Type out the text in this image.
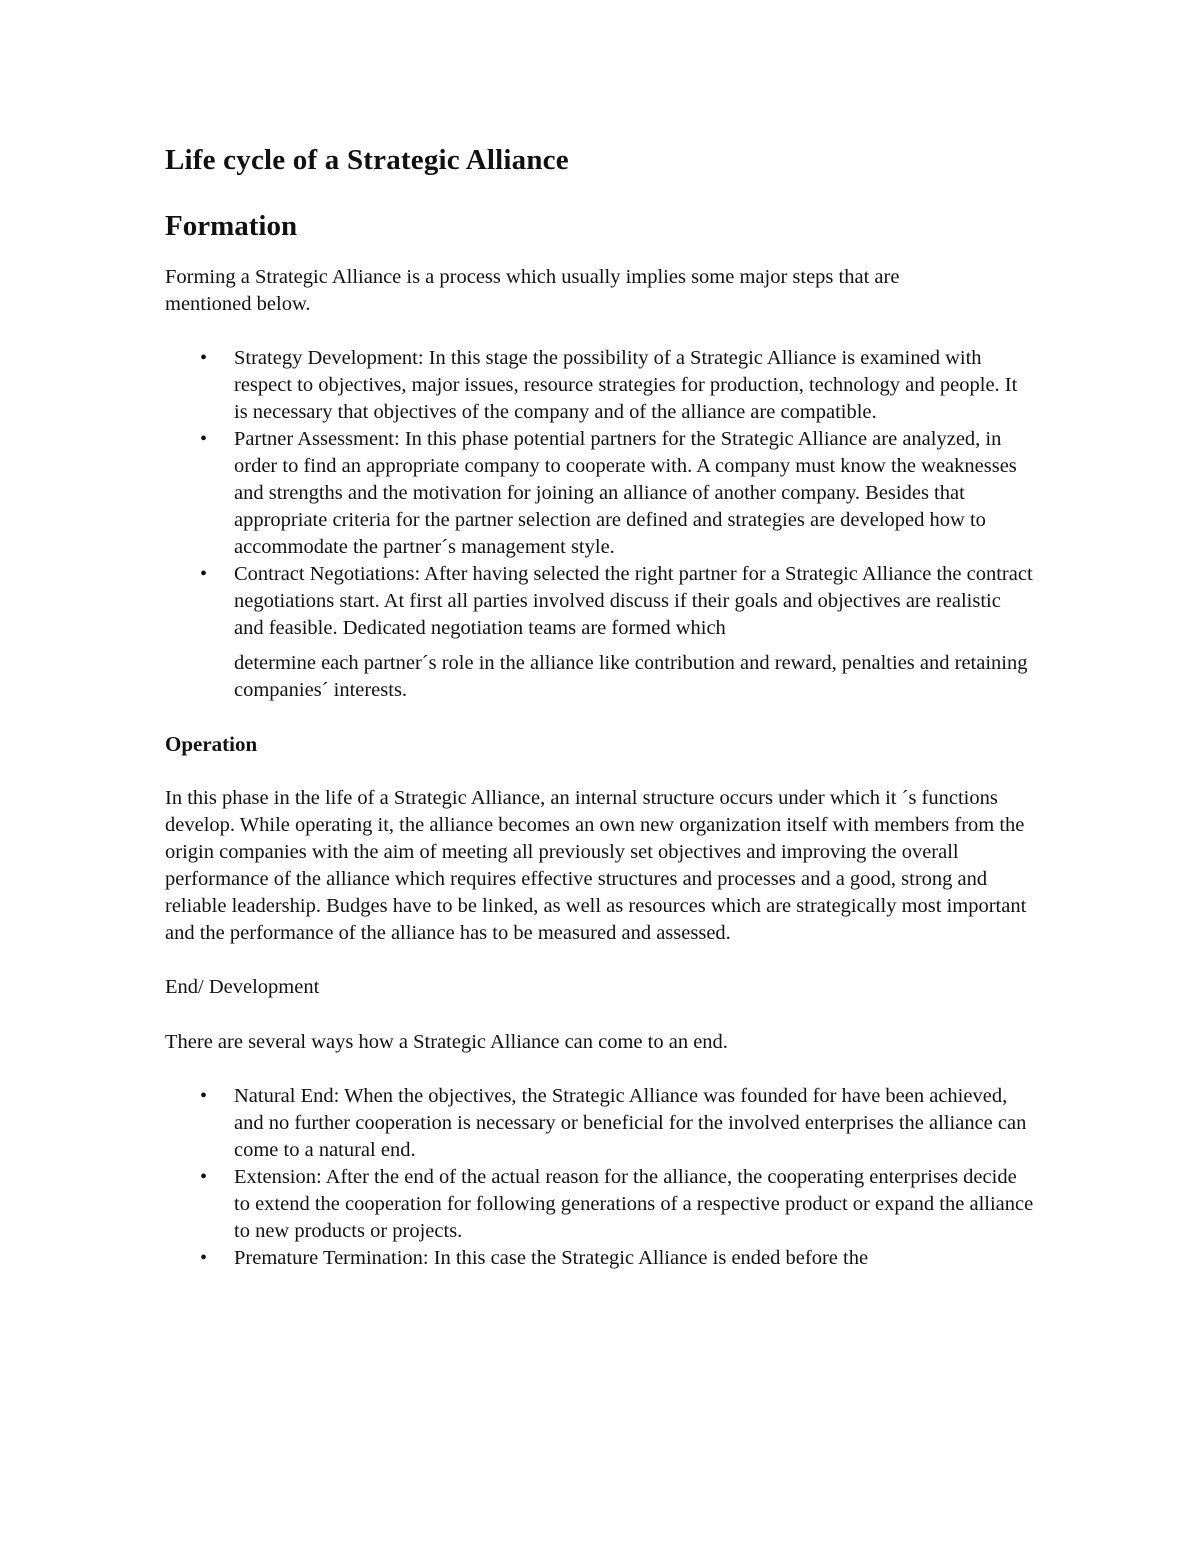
Life cycle of a Strategic Alliance
Formation

Forming a Strategic Alliance is a process which usually implies some major steps that are mentioned below.

• Strategy Development: In this stage the possibility of a Strategic Alliance is examined with respect to objectives, major issues, resource strategies for production, technology and people. It is necessary that objectives of the company and of the alliance are compatible.
• Partner Assessment: In this phase potential partners for the Strategic Alliance are analyzed, in order to find an appropriate company to cooperate with. A company must know the weaknesses and strengths and the motivation for joining an alliance of another company. Besides that appropriate criteria for the partner selection are defined and strategies are developed how to accommodate the partner´s management style.
• Contract Negotiations: After having selected the right partner for a Strategic Alliance the contract negotiations start. At first all parties involved discuss if their goals and objectives are realistic and feasible. Dedicated negotiation teams are formed which

determine each partner´s role in the alliance like contribution and reward, penalties and retaining companies´ interests.

Operation

In this phase in the life of a Strategic Alliance, an internal structure occurs under which it ´s functions develop. While operating it, the alliance becomes an own new organization itself with members from the origin companies with the aim of meeting all previously set objectives and improving the overall performance of the alliance which requires effective structures and processes and a good, strong and reliable leadership. Budges have to be linked, as well as resources which are strategically most important and the performance of the alliance has to be measured and assessed.

End/ Development

There are several ways how a Strategic Alliance can come to an end.

• Natural End: When the objectives, the Strategic Alliance was founded for have been achieved, and no further cooperation is necessary or beneficial for the involved enterprises the alliance can come to a natural end.
• Extension: After the end of the actual reason for the alliance, the cooperating enterprises decide to extend the cooperation for following generations of a respective product or expand the alliance to new products or projects.
• Premature Termination: In this case the Strategic Alliance is ended before the
